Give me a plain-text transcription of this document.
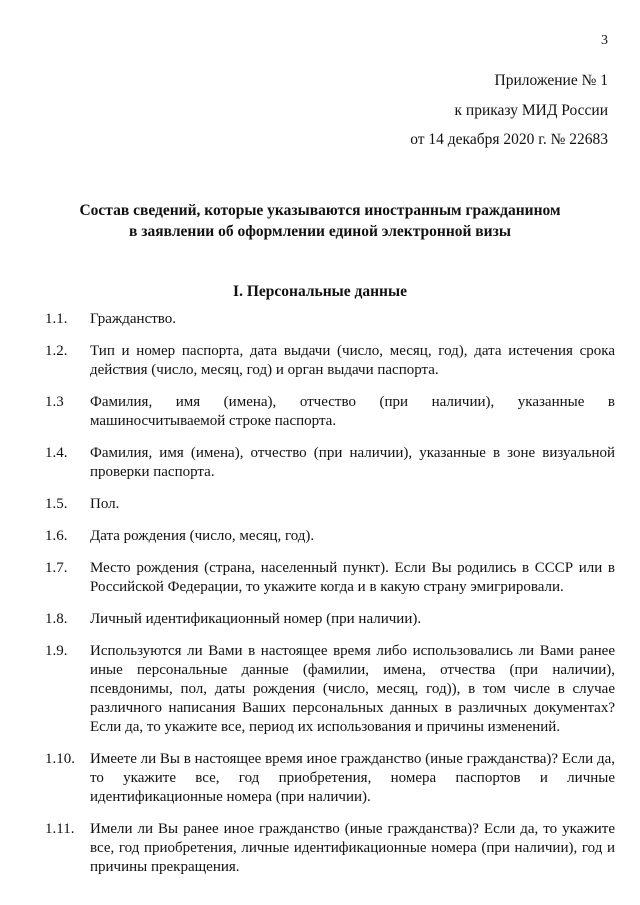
3
Приложение № 1
к приказу МИД России
от 14 декабря 2020 г. № 22683
Состав сведений, которые указываются иностранным гражданином
в заявлении об оформлении единой электронной визы
I. Персональные данные
1.1.	Гражданство.
1.2.	Тип и номер паспорта, дата выдачи (число, месяц, год), дата истечения срока действия (число, месяц, год) и орган выдачи паспорта.
1.3	Фамилия, имя (имена), отчество (при наличии), указанные в машиносчитываемой строке паспорта.
1.4.	Фамилия, имя (имена), отчество (при наличии), указанные в зоне визуальной проверки паспорта.
1.5.	Пол.
1.6.	Дата рождения (число, месяц, год).
1.7.	Место рождения (страна, населенный пункт). Если Вы родились в СССР или в Российской Федерации, то укажите когда и в какую страну эмигрировали.
1.8.	Личный идентификационный номер (при наличии).
1.9.	Используются ли Вами в настоящее время либо использовались ли Вами ранее иные персональные данные (фамилии, имена, отчества (при наличии), псевдонимы, пол, даты рождения (число, месяц, год)), в том числе в случае различного написания Ваших персональных данных в различных документах? Если да, то укажите все, период их использования и причины изменений.
1.10.	Имеете ли Вы в настоящее время иное гражданство (иные гражданства)? Если да, то укажите все, год приобретения, номера паспортов и личные идентификационные номера (при наличии).
1.11.	Имели ли Вы ранее иное гражданство (иные гражданства)? Если да, то укажите все, год приобретения, личные идентификационные номера (при наличии), год и причины прекращения.
